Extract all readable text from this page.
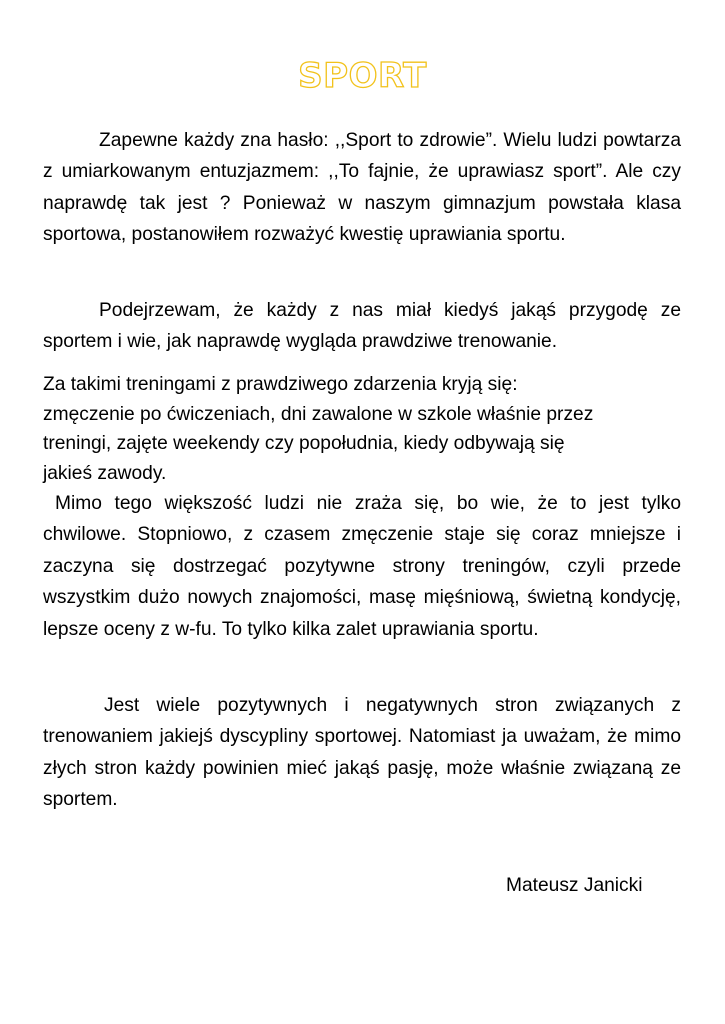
SPORT

Zapewne każdy zna hasło: ,,Sport to zdrowie”. Wielu ludzi powtarza z umiarkowanym entuzjazmem: ,,To fajnie, że uprawiasz sport”. Ale czy naprawdę tak jest ? Ponieważ w naszym gimnazjum powstała klasa sportowa, postanowiłem rozważyć kwestię uprawiania sportu.

Podejrzewam, że każdy z nas miał kiedyś jakąś przygodę ze sportem i wie, jak naprawdę wygląda prawdziwe trenowanie.

Za takimi treningami z prawdziwego zdarzenia kryją się:
zmęczenie po ćwiczeniach, dni zawalone w szkole właśnie przez
treningi, zajęte weekendy czy popołudnia, kiedy odbywają się
jakieś zawody.

Mimo tego większość ludzi nie zraża się, bo wie, że to jest tylko chwilowe. Stopniowo, z czasem zmęczenie staje się coraz mniejsze i zaczyna się dostrzegać pozytywne strony treningów, czyli przede wszystkim dużo nowych znajomości, masę mięśniową, świetną kondycję, lepsze oceny z w-fu. To tylko kilka zalet uprawiania sportu.

Jest wiele pozytywnych i negatywnych stron związanych z trenowaniem jakiejś dyscypliny sportowej. Natomiast ja uważam, że mimo złych stron każdy powinien mieć jakąś pasję, może właśnie związaną ze sportem.

Mateusz Janicki
